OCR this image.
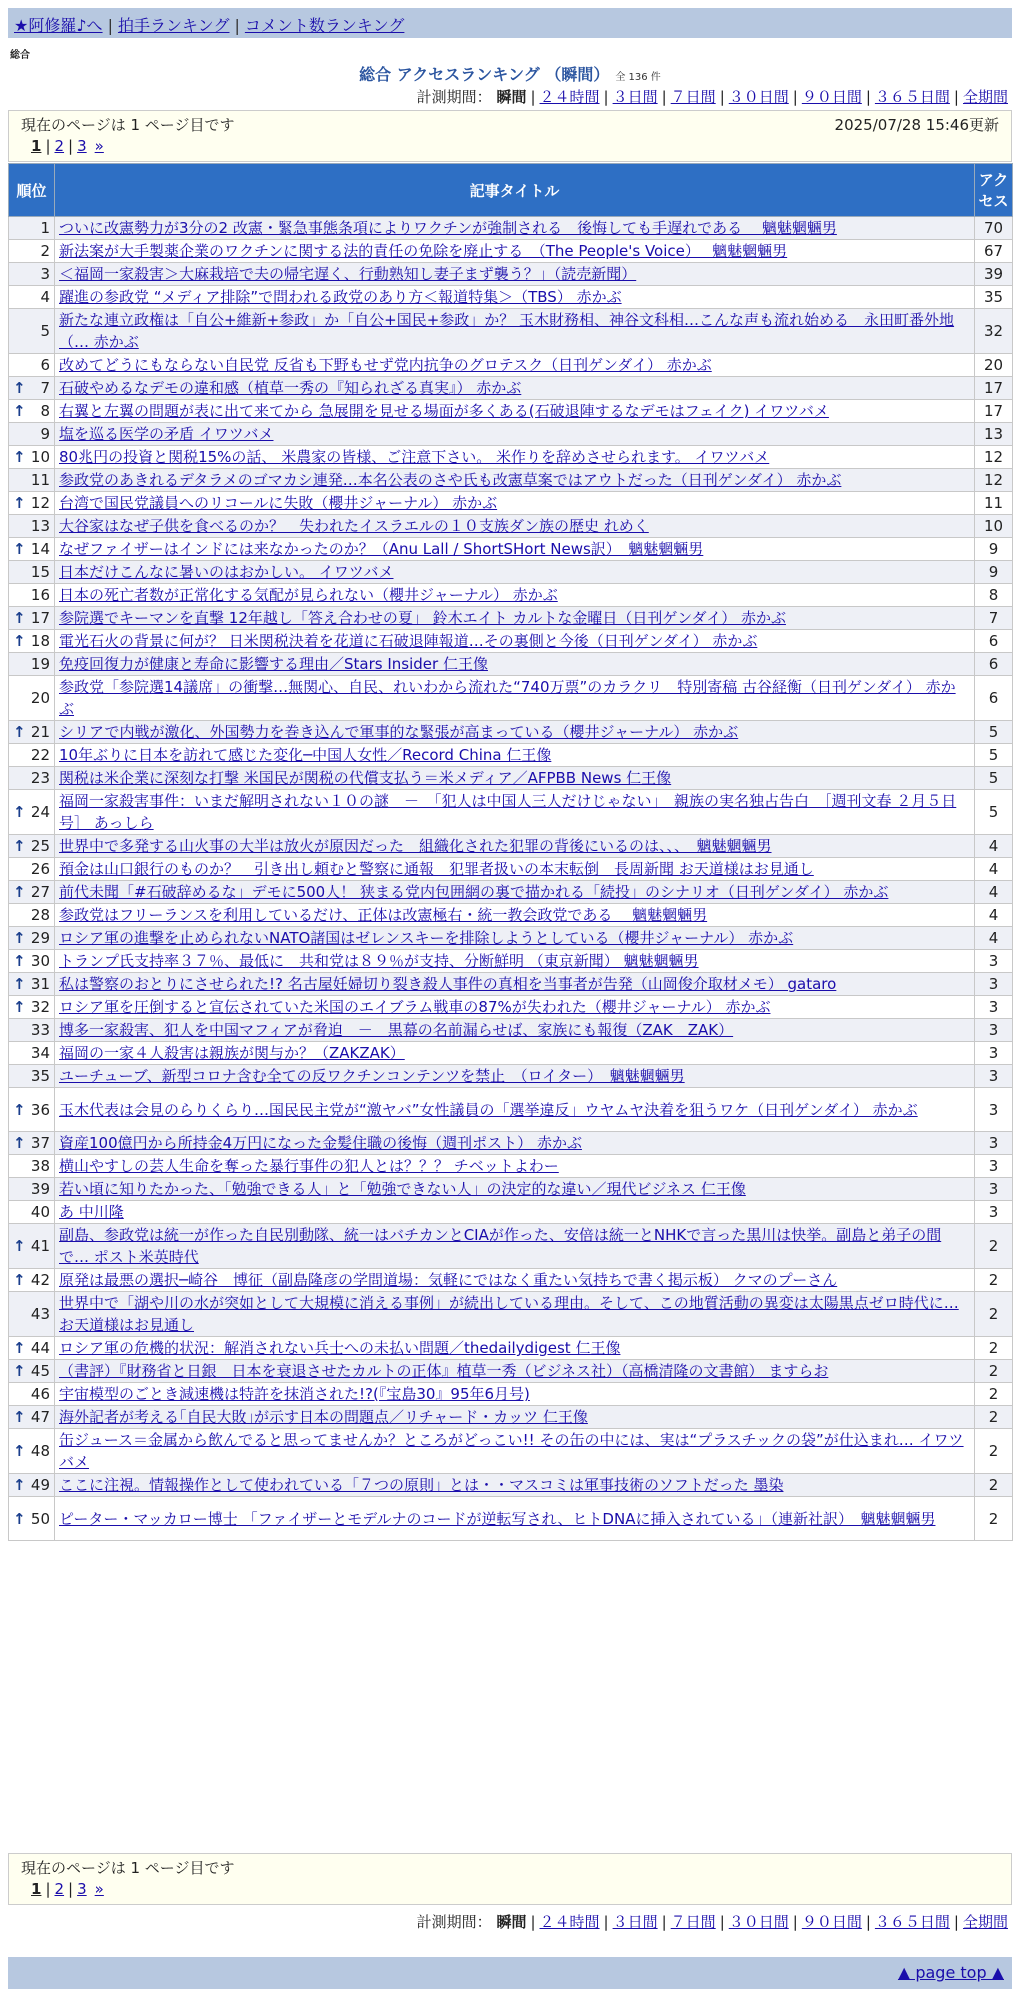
★阿修羅♪へ | 拍手ランキング | コメント数ランキング
総合
総合 アクセスランキング （瞬間） 全 136 件
計測期間： 瞬間 | ２４時間 | ３日間 | ７日間 | ３０日間 | ９０日間 | ３６５日間 | 全期間
現在のページは 1 ページ目です	2025/07/28 15:46更新
1 | 2 | 3 »
順位	記事タイトル	アクセス
1	ついに改憲勢力が3分の2 改憲・緊急事態条項によりワクチンが強制される　後悔しても手遅れである　 魑魅魍魎男	70
2	新法案が大手製薬企業のワクチンに関する法的責任の免除を廃止する　（The People's Voice）　 魑魅魍魎男	67
3	＜福岡一家殺害＞大麻栽培で夫の帰宅遅く、行動熟知し妻子まず襲う？」（読売新聞）	39
4	躍進の参政党 “メディア排除”で問われる政党のあり方＜報道特集＞（TBS） 赤かぶ	35
5	新たな連立政権は「自公+維新+参政」か「自公+国民+参政」か？ 玉木財務相、神谷文科相…こんな声も流れ始める　永田町番外地（… 赤かぶ	32
6	改めてどうにもならない自民党 反省も下野もせず党内抗争のグロテスク（日刊ゲンダイ） 赤かぶ	20

↑ 7	石破やめるなデモの違和感（植草一秀の『知られざる真実』） 赤かぶ	17

↑ 8	右翼と左翼の問題が表に出て来てから 急展開を見せる場面が多くある(石破退陣するなデモはフェイク) イワツバメ	17
9	塩を巡る医学の矛盾 イワツバメ	13

↑ 10	80兆円の投資と関税15%の話、 米農家の皆様、ご注意下さい。 米作りを辞めさせられます。 イワツバメ	12
11	参政党のあきれるデタラメのゴマカシ連発…本名公表のさや氏も改憲草案ではアウトだった（日刊ゲンダイ） 赤かぶ	12

↑ 12	台湾で国民党議員へのリコールに失敗（櫻井ジャーナル） 赤かぶ	11
13	大谷家はなぜ子供を食べるのか？　失われたイスラエルの１０支族ダン族の歴史 れめく	10

↑ 14	なぜファイザーはインドには来なかったのか？（Anu Lall / ShortSHort News訳）　魑魅魍魎男	9
15	日本だけこんなに暑いのはおかしい。 イワツバメ	9
16	日本の死亡者数が正常化する気配が見られない（櫻井ジャーナル） 赤かぶ	8

↑ 17	参院選でキーマンを直撃 12年越し「答え合わせの夏」 鈴木エイト カルトな金曜日（日刊ゲンダイ） 赤かぶ	7

↑ 18	電光石火の背景に何が？ 日米関税決着を花道に石破退陣報道…その裏側と今後（日刊ゲンダイ） 赤かぶ	6
19	免疫回復力が健康と寿命に影響する理由／Stars Insider 仁王像	6
20	参政党「参院選14議席」の衝撃…無関心、自民、れいわから流れた“740万票”のカラクリ　特別寄稿 古谷経衡（日刊ゲンダイ） 赤かぶ	6

↑ 21	シリアで内戦が激化、外国勢力を巻き込んで軍事的な緊張が高まっている（櫻井ジャーナル） 赤かぶ	5
22	10年ぶりに日本を訪れて感じた変化─中国人女性／Record China 仁王像	5
23	関税は米企業に深刻な打撃 米国民が関税の代償支払う＝米メディア／AFPBB News 仁王像	5

↑ 24	福岡一家殺害事件：いまだ解明されない１０の謎　－　「犯人は中国人三人だけじゃない」　親族の実名独占告白　［週刊文春 ２月５日号］ あっしら	5

↑ 25	世界中で多発する山火事の大半は放火が原因だった　組織化された犯罪の背後にいるのは、、、　魑魅魍魎男	4
26	預金は山口銀行のものか？　引き出し頼むと警察に通報　犯罪者扱いの本末転倒　長周新聞 お天道様はお見通し	4

↑ 27	前代未聞「#石破辞めるな」デモに500人！ 狭まる党内包囲網の裏で描かれる「続投」のシナリオ（日刊ゲンダイ） 赤かぶ	4
28	参政党はフリーランスを利用しているだけ、正体は改憲極右・統一教会政党である　 魑魅魍魎男	4

↑ 29	ロシア軍の進撃を止められないNATO諸国はゼレンスキーを排除しようとしている（櫻井ジャーナル） 赤かぶ	4

↑ 30	トランプ氏支持率３７％、最低に　共和党は８９％が支持、分断鮮明 （東京新聞） 魑魅魍魎男	3

↑ 31	私は警察のおとりにさせられた!? 名古屋妊婦切り裂き殺人事件の真相を当事者が告発（山岡俊介取材メモ） gataro	3

↑ 32	ロシア軍を圧倒すると宣伝されていた米国のエイブラム戦車の87%が失われた（櫻井ジャーナル） 赤かぶ	3
33	博多一家殺害、犯人を中国マフィアが脅迫　－　黒幕の名前漏らせば、家族にも報復（ZAK　ZAK）	3
34	福岡の一家４人殺害は親族が関与か？（ZAKZAK）	3
35	ユーチューブ、新型コロナ含む全ての反ワクチンコンテンツを禁止　（ロイター）　魑魅魍魎男	3

↑ 36	玉木代表は会見のらりくらり…国民民主党が“激ヤバ”女性議員の「選挙違反」ウヤムヤ決着を狙うワケ（日刊ゲンダイ） 赤かぶ	3

↑ 37	資産100億円から所持金4万円になった金髪住職の後悔（週刊ポスト） 赤かぶ	3
38	横山やすしの芸人生命を奪った暴行事件の犯人とは？？？ チベットよわー	3
39	若い頃に知りたかった、「勉強できる人」と「勉強できない人」の決定的な違い／現代ビジネス 仁王像	3
40	あ 中川隆	3

↑ 41	副島、参政党は統一が作った自民別動隊、統一はバチカンとCIAが作った、安倍は統一とNHKで言った黒川は快挙。副島と弟子の間で… ポスト米英時代	2

↑ 42	原発は最悪の選択─崎谷　博征（副島隆彦の学問道場：気軽にではなく重たい気持ちで書く掲示板） クマのプーさん	2
43	世界中で「湖や川の水が突如として大規模に消える事例」が続出している理由。そして、この地質活動の異変は太陽黒点ゼロ時代に… お天道様はお見通し	2

↑ 44	ロシア軍の危機的状況：解消されない兵士への未払い問題／thedailydigest 仁王像	2

↑ 45	（書評）『財務省と日銀　日本を衰退させたカルトの正体』植草一秀（ビジネス社）（高橋清隆の文書館） ますらお	2
46	宇宙模型のごとき減速機は特許を抹消された!?(『宝島30』95年6月号)	2

↑ 47	海外記者が考える｢自民大敗｣が示す日本の問題点／リチャード・カッツ 仁王像	2

↑ 48	缶ジュース＝金属から飲んでると思ってませんか？ところがどっこい!! その缶の中には、実は“プラスチックの袋”が仕込まれ… イワツバメ	2

↑ 49	ここに注視。情報操作として使われている「７つの原則」とは・・マスコミは軍事技術のソフトだった 墨染	2

↑ 50	ピーター・マッカロー博士 「ファイザーとモデルナのコードが逆転写され、ヒトDNAに挿入されている」（連新社訳）　魑魅魍魎男	2
現在のページは 1 ページ目です
1 | 2 | 3 »
計測期間： 瞬間 | ２４時間 | ３日間 | ７日間 | ３０日間 | ９０日間 | ３６５日間 | 全期間
▲ page top ▲
